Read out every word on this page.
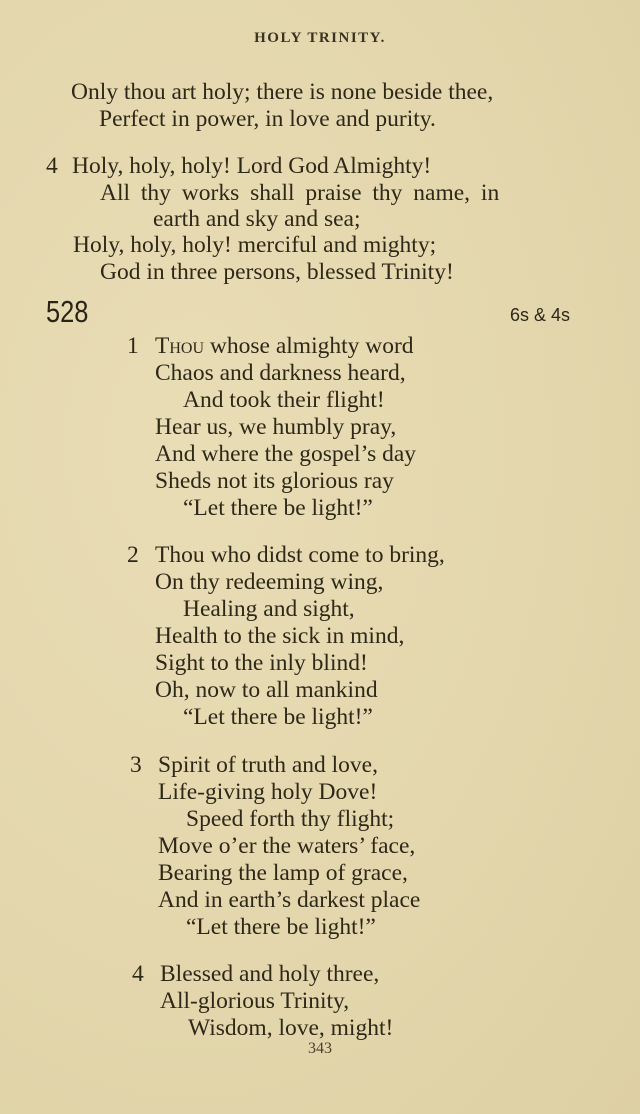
HOLY TRINITY.
Only thou art holy; there is none beside thee,
Perfect in power, in love and purity.
4 Holy, holy, holy! Lord God Almighty!
All thy works shall praise thy name, in
earth and sky and sea;
Holy, holy, holy! merciful and mighty;
God in three persons, blessed Trinity!
528	6s & 4s
1 Thou whose almighty word
Chaos and darkness heard,
And took their flight!
Hear us, we humbly pray,
And where the gospel’s day
Sheds not its glorious ray
“Let there be light!”
2 Thou who didst come to bring,
On thy redeeming wing,
Healing and sight,
Health to the sick in mind,
Sight to the inly blind!
Oh, now to all mankind
“Let there be light!”
3 Spirit of truth and love,
Life-giving holy Dove!
Speed forth thy flight;
Move o’er the waters’ face,
Bearing the lamp of grace,
And in earth’s darkest place
“Let there be light!”
4 Blessed and holy three,
All-glorious Trinity,
Wisdom, love, might!
343
